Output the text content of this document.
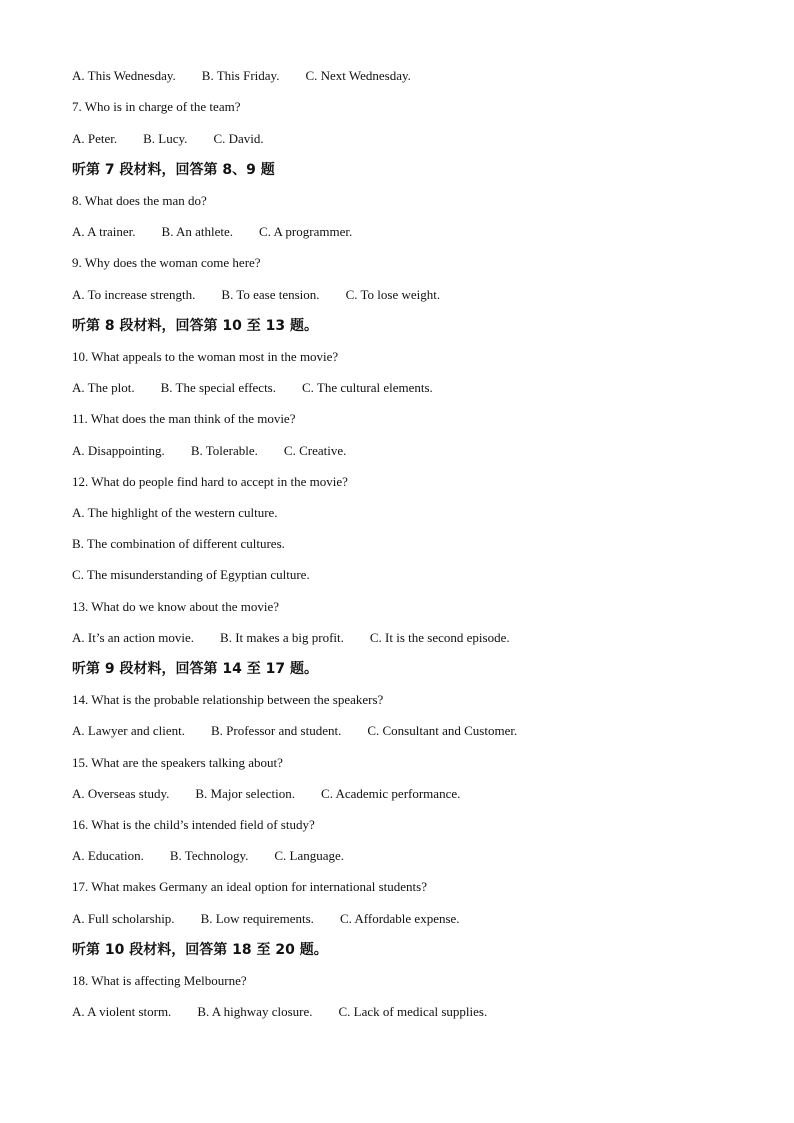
A. This Wednesday. B. This Friday. C. Next Wednesday.
7. Who is in charge of the team?
A. Peter. B. Lucy. C. David.
听第 7 段材料，回答第 8、9 题
8. What does the man do?
A. A trainer. B. An athlete. C. A programmer.
9. Why does the woman come here?
A. To increase strength. B. To ease tension. C. To lose weight.
听第 8 段材料，回答第 10 至 13 题。
10. What appeals to the woman most in the movie?
A. The plot. B. The special effects. C. The cultural elements.
11. What does the man think of the movie?
A. Disappointing. B. Tolerable. C. Creative.
12. What do people find hard to accept in the movie?
A. The highlight of the western culture.
B. The combination of different cultures.
C. The misunderstanding of Egyptian culture.
13. What do we know about the movie?
A. It’s an action movie. B. It makes a big profit. C. It is the second episode.
听第 9 段材料，回答第 14 至 17 题。
14. What is the probable relationship between the speakers?
A. Lawyer and client. B. Professor and student. C. Consultant and Customer.
15. What are the speakers talking about?
A. Overseas study. B. Major selection. C. Academic performance.
16. What is the child’s intended field of study?
A. Education. B. Technology. C. Language.
17. What makes Germany an ideal option for international students?
A. Full scholarship. B. Low requirements. C. Affordable expense.
听第 10 段材料，回答第 18 至 20 题。
18. What is affecting Melbourne?
A. A violent storm. B. A highway closure. C. Lack of medical supplies.
